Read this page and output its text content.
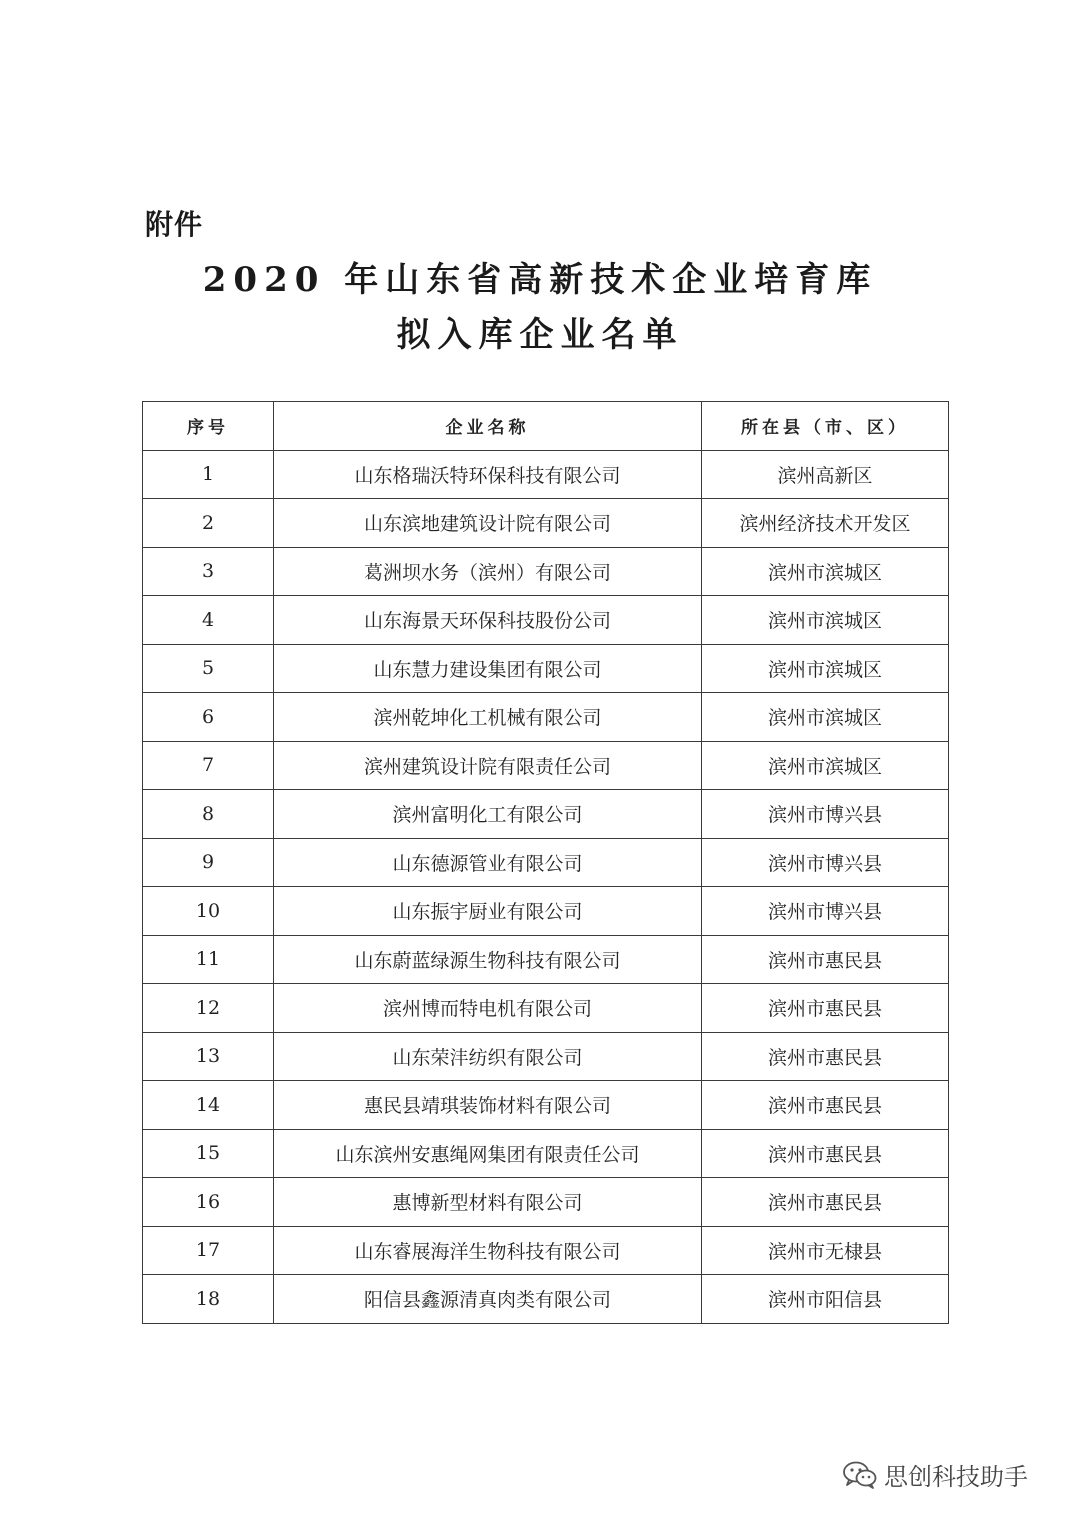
附件
2020 年山东省高新技术企业培育库
拟入库企业名单
序号	企业名称	所在县（市、区）
1	山东格瑞沃特环保科技有限公司	滨州高新区
2	山东滨地建筑设计院有限公司	滨州经济技术开发区
3	葛洲坝水务（滨州）有限公司	滨州市滨城区
4	山东海景天环保科技股份公司	滨州市滨城区
5	山东慧力建设集团有限公司	滨州市滨城区
6	滨州乾坤化工机械有限公司	滨州市滨城区
7	滨州建筑设计院有限责任公司	滨州市滨城区
8	滨州富明化工有限公司	滨州市博兴县
9	山东德源管业有限公司	滨州市博兴县
10	山东振宇厨业有限公司	滨州市博兴县
11	山东蔚蓝绿源生物科技有限公司	滨州市惠民县
12	滨州博而特电机有限公司	滨州市惠民县
13	山东荣沣纺织有限公司	滨州市惠民县
14	惠民县靖琪装饰材料有限公司	滨州市惠民县
15	山东滨州安惠绳网集团有限责任公司	滨州市惠民县
16	惠博新型材料有限公司	滨州市惠民县
17	山东睿展海洋生物科技有限公司	滨州市无棣县
18	阳信县鑫源清真肉类有限公司	滨州市阳信县
思创科技助手
